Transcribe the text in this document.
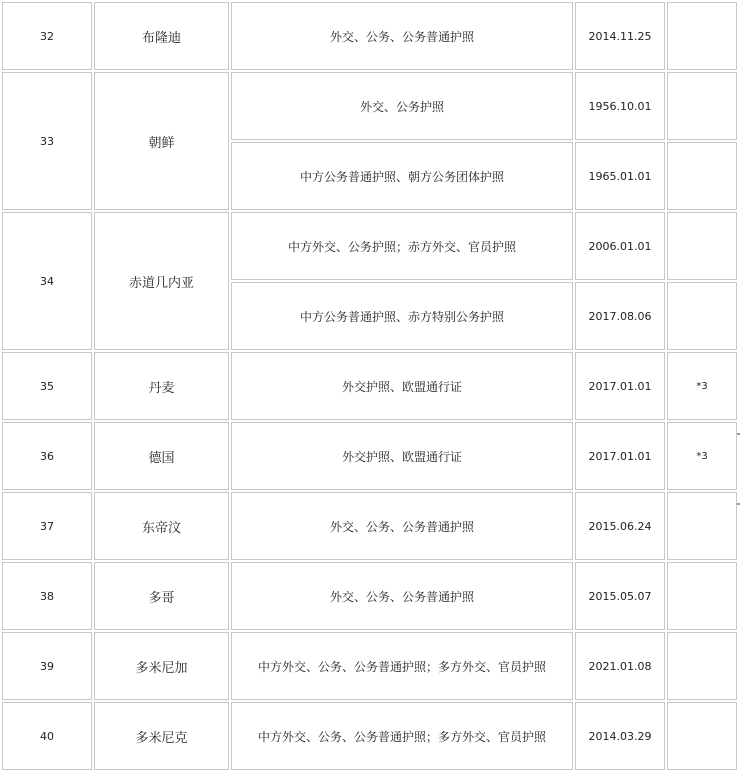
32	布隆迪	外交、公务、公务普通护照	2014.11.25
33	朝鲜
外交、公务护照	1956.10.01
中方公务普通护照、朝方公务团体护照	1965.01.01
34	赤道几内亚
中方外交、公务护照；赤方外交、官员护照	2006.01.01
中方公务普通护照、赤方特别公务护照	2017.08.06
35	丹麦	外交护照、欧盟通行证	2017.01.01	*3
36	德国	外交护照、欧盟通行证	2017.01.01	*3
37	东帝汶	外交、公务、公务普通护照	2015.06.24
38	多哥	外交、公务、公务普通护照	2015.05.07
39	多米尼加	中方外交、公务、公务普通护照；多方外交、官员护照	2021.01.08
40	多米尼克	中方外交、公务、公务普通护照；多方外交、官员护照	2014.03.29
